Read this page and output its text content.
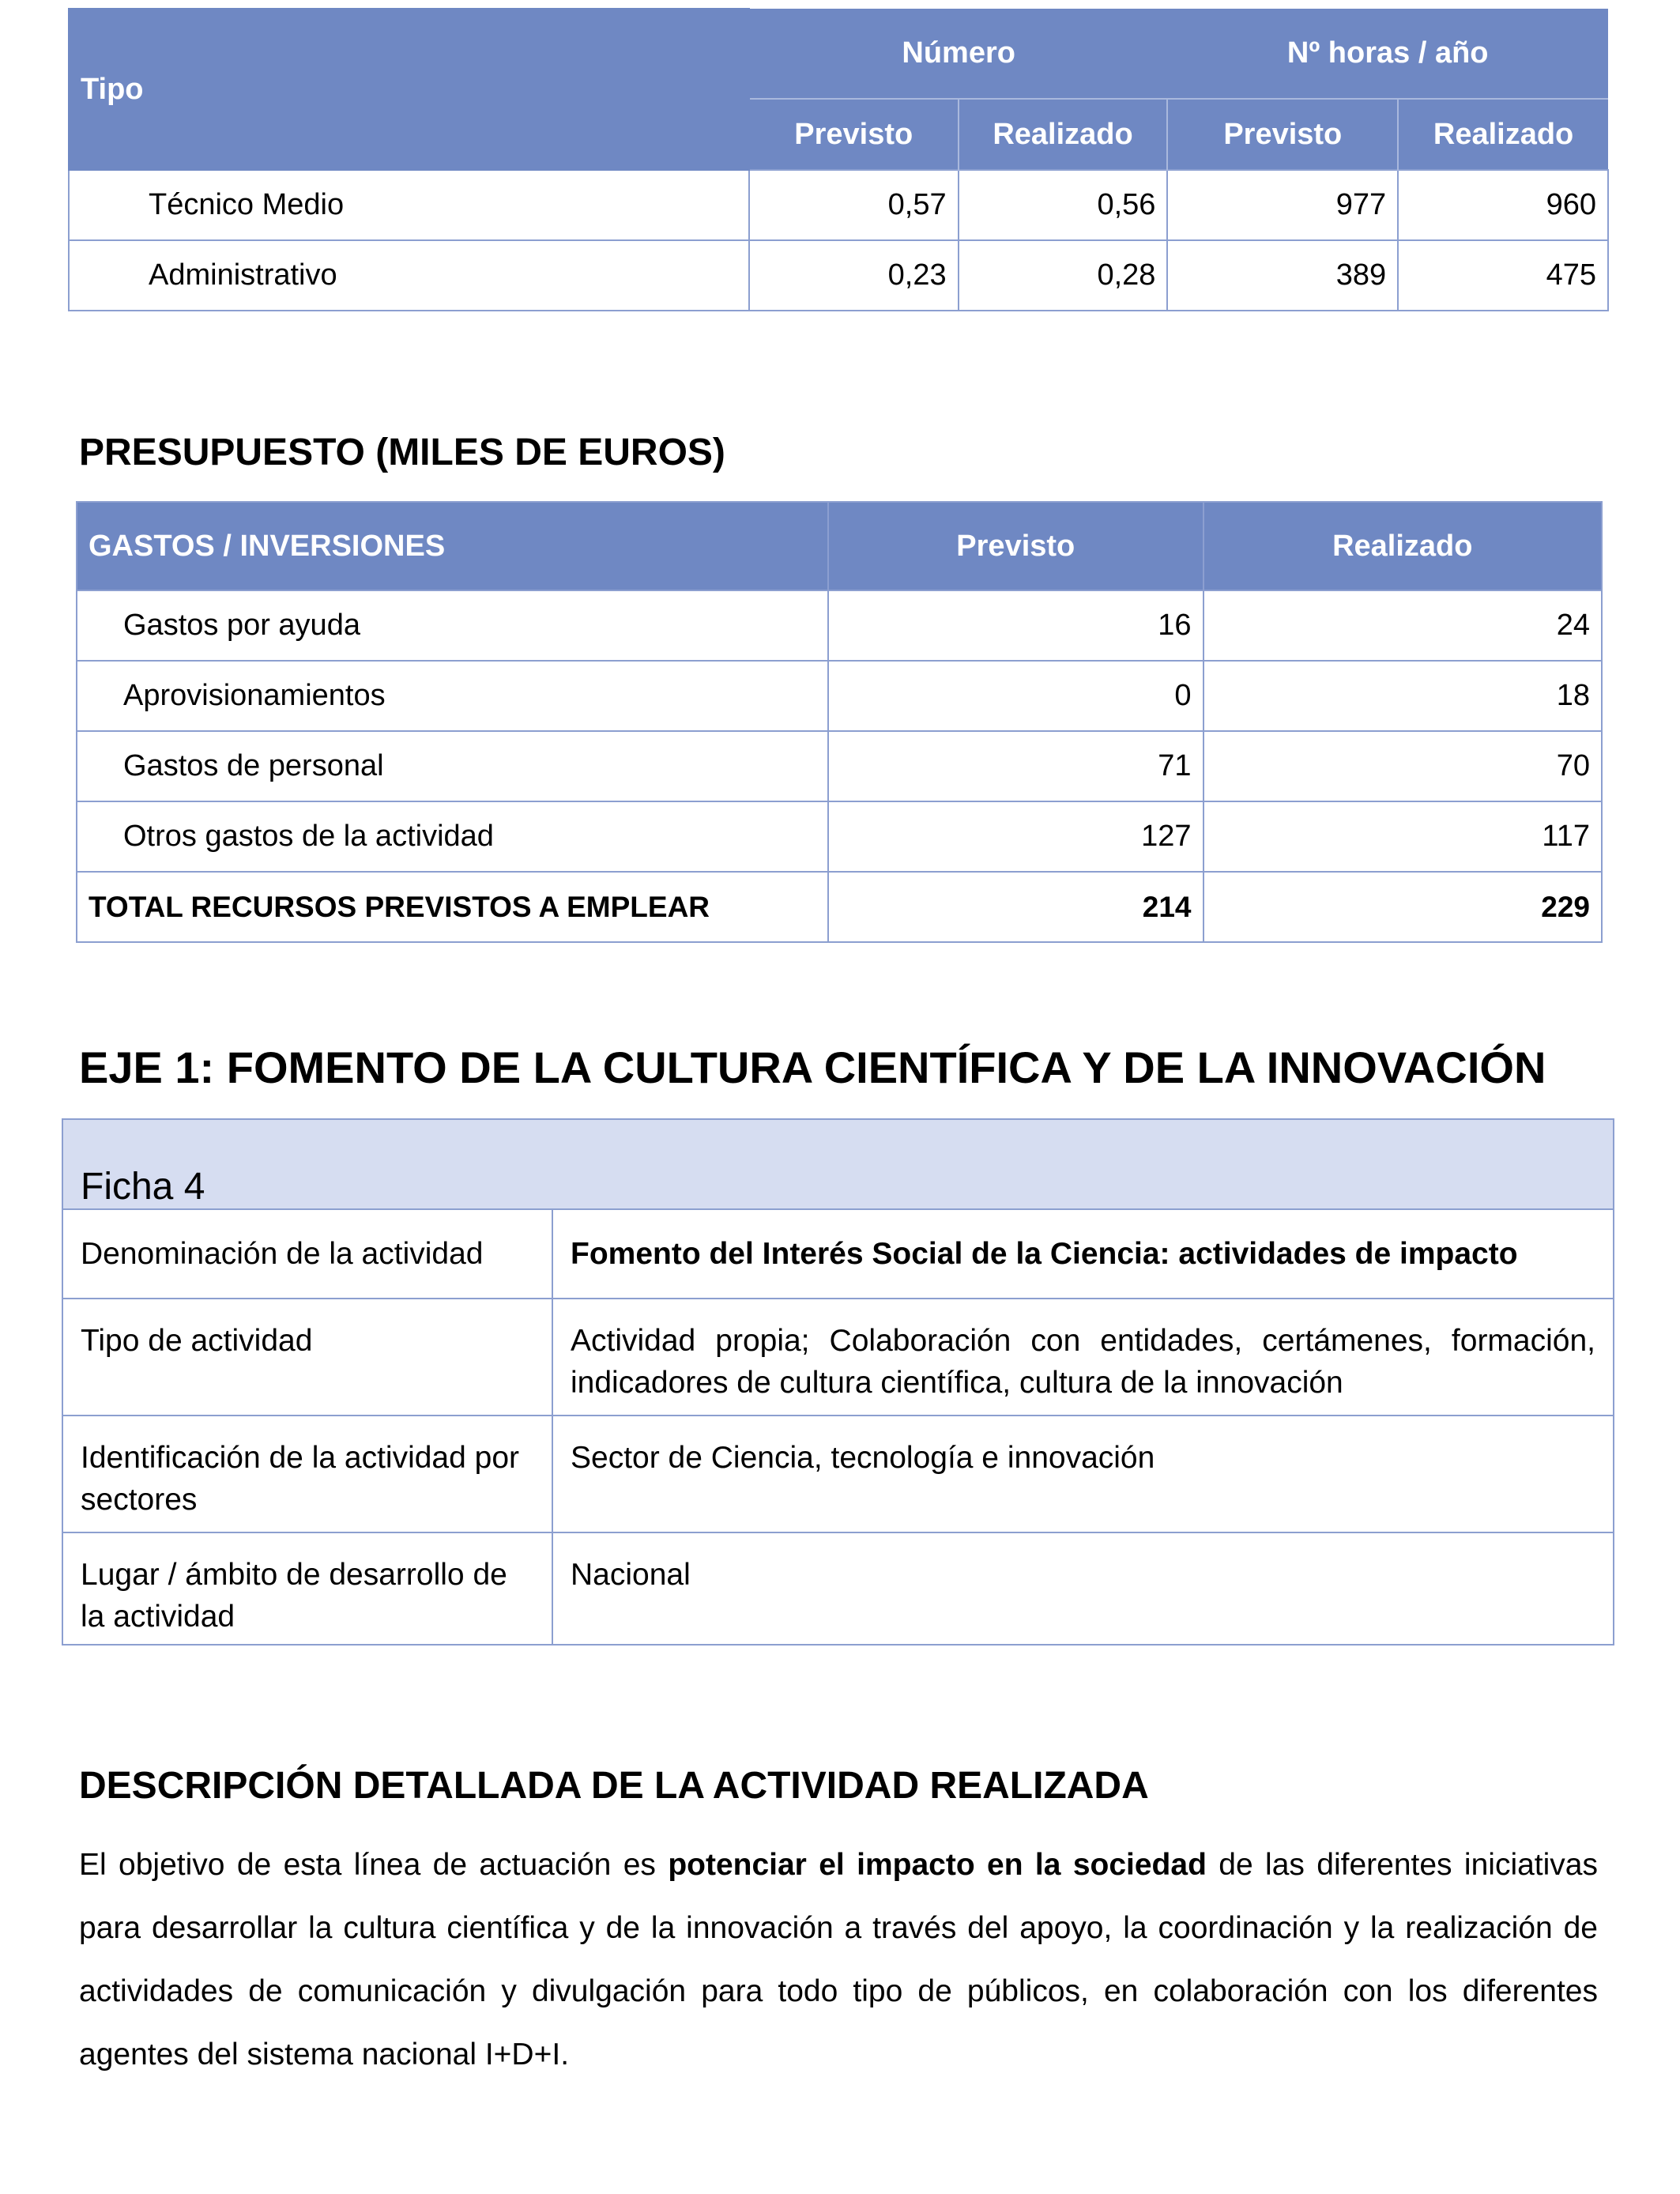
Tipo	Número		Nº horas / año	
	Previsto	Realizado	Previsto	Realizado
Técnico Medio	0,57	0,56	977	960
Administrativo	0,23	0,28	389	475
PRESUPUESTO (MILES DE EUROS)
GASTOS / INVERSIONES	Previsto	Realizado
Gastos por ayuda	16	24
Aprovisionamientos	0	18
Gastos de personal	71	70
Otros gastos de la actividad	127	117
TOTAL RECURSOS PREVISTOS A EMPLEAR	214	229
EJE 1: FOMENTO DE LA CULTURA CIENTÍFICA Y DE LA INNOVACIÓN
Ficha 4	
Denominación de la actividad	Fomento del Interés Social de la Ciencia: actividades de impacto
Tipo de actividad	Actividad propia; Colaboración con entidades, certámenes, formación, indicadores de cultura científica, cultura de la innovación
Identificación de la actividad por sectores	Sector de Ciencia, tecnología e innovación
Lugar / ámbito de desarrollo de la actividad	Nacional
DESCRIPCIÓN DETALLADA DE LA ACTIVIDAD REALIZADA

El objetivo de esta línea de actuación es potenciar el impacto en la sociedad de las diferentes iniciativas para desarrollar la cultura científica y de la innovación a través del apoyo, la coordinación y la realización de actividades de comunicación y divulgación para todo tipo de públicos, en colaboración con los diferentes agentes del sistema nacional I+D+I.
